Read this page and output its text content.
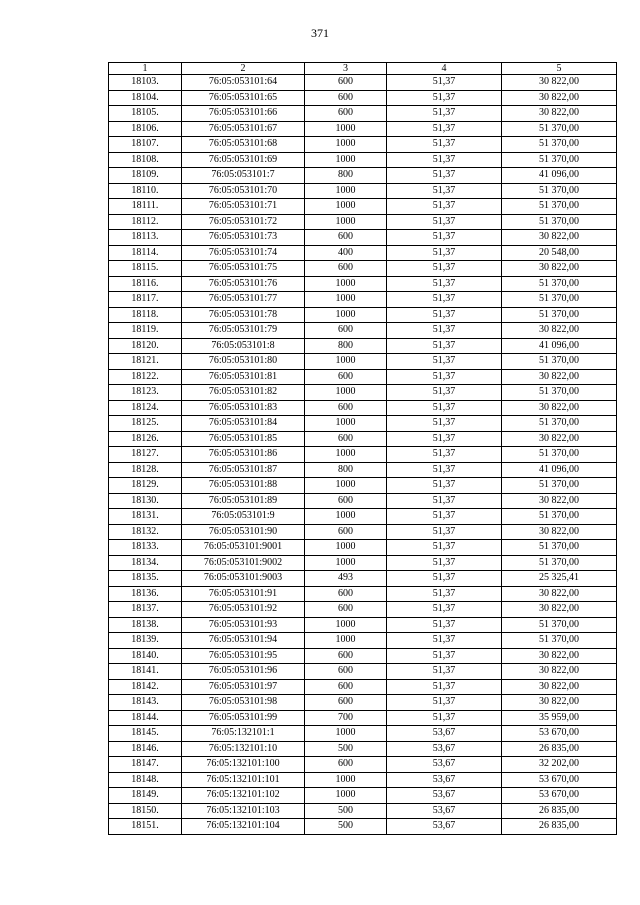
371
1	2	3	4	5
18103.	76:05:053101:64	600	51,37	30 822,00
18104.	76:05:053101:65	600	51,37	30 822,00
18105.	76:05:053101:66	600	51,37	30 822,00
18106.	76:05:053101:67	1000	51,37	51 370,00
18107.	76:05:053101:68	1000	51,37	51 370,00
18108.	76:05:053101:69	1000	51,37	51 370,00
18109.	76:05:053101:7	800	51,37	41 096,00
18110.	76:05:053101:70	1000	51,37	51 370,00
18111.	76:05:053101:71	1000	51,37	51 370,00
18112.	76:05:053101:72	1000	51,37	51 370,00
18113.	76:05:053101:73	600	51,37	30 822,00
18114.	76:05:053101:74	400	51,37	20 548,00
18115.	76:05:053101:75	600	51,37	30 822,00
18116.	76:05:053101:76	1000	51,37	51 370,00
18117.	76:05:053101:77	1000	51,37	51 370,00
18118.	76:05:053101:78	1000	51,37	51 370,00
18119.	76:05:053101:79	600	51,37	30 822,00
18120.	76:05:053101:8	800	51,37	41 096,00
18121.	76:05:053101:80	1000	51,37	51 370,00
18122.	76:05:053101:81	600	51,37	30 822,00
18123.	76:05:053101:82	1000	51,37	51 370,00
18124.	76:05:053101:83	600	51,37	30 822,00
18125.	76:05:053101:84	1000	51,37	51 370,00
18126.	76:05:053101:85	600	51,37	30 822,00
18127.	76:05:053101:86	1000	51,37	51 370,00
18128.	76:05:053101:87	800	51,37	41 096,00
18129.	76:05:053101:88	1000	51,37	51 370,00
18130.	76:05:053101:89	600	51,37	30 822,00
18131.	76:05:053101:9	1000	51,37	51 370,00
18132.	76:05:053101:90	600	51,37	30 822,00
18133.	76:05:053101:9001	1000	51,37	51 370,00
18134.	76:05:053101:9002	1000	51,37	51 370,00
18135.	76:05:053101:9003	493	51,37	25 325,41
18136.	76:05:053101:91	600	51,37	30 822,00
18137.	76:05:053101:92	600	51,37	30 822,00
18138.	76:05:053101:93	1000	51,37	51 370,00
18139.	76:05:053101:94	1000	51,37	51 370,00
18140.	76:05:053101:95	600	51,37	30 822,00
18141.	76:05:053101:96	600	51,37	30 822,00
18142.	76:05:053101:97	600	51,37	30 822,00
18143.	76:05:053101:98	600	51,37	30 822,00
18144.	76:05:053101:99	700	51,37	35 959,00
18145.	76:05:132101:1	1000	53,67	53 670,00
18146.	76:05:132101:10	500	53,67	26 835,00
18147.	76:05:132101:100	600	53,67	32 202,00
18148.	76:05:132101:101	1000	53,67	53 670,00
18149.	76:05:132101:102	1000	53,67	53 670,00
18150.	76:05:132101:103	500	53,67	26 835,00
18151.	76:05:132101:104	500	53,67	26 835,00
